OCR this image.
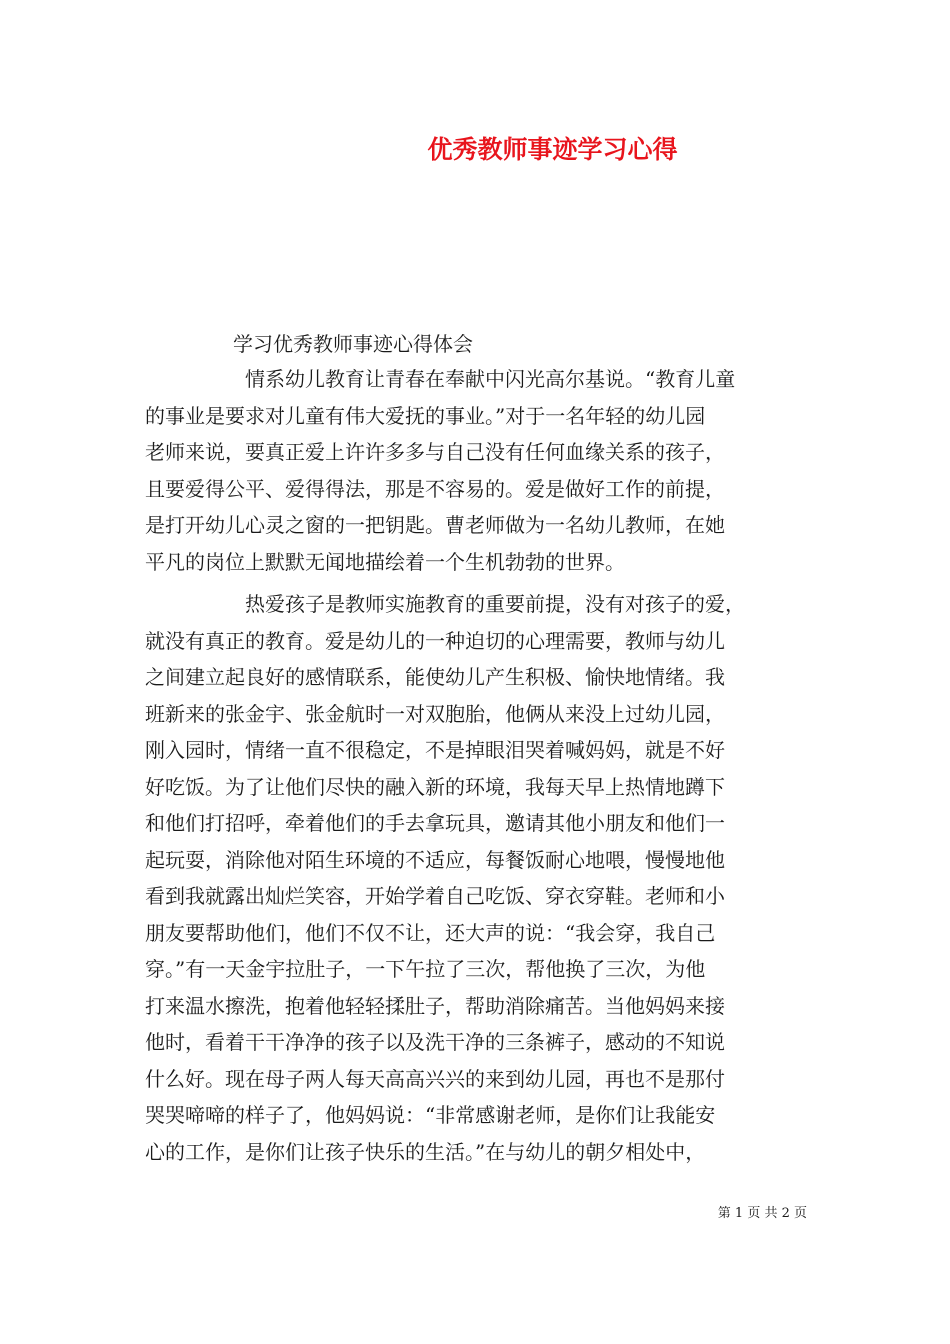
优秀教师事迹学习心得
学习优秀教师事迹心得体会
情系幼儿教育让青春在奉献中闪光高尔基说。“教育儿童
的事业是要求对儿童有伟大爱抚的事业。”对于一名年轻的幼儿园
老师来说，要真正爱上许许多多与自己没有任何血缘关系的孩子，
且要爱得公平、爱得得法，那是不容易的。爱是做好工作的前提，
是打开幼儿心灵之窗的一把钥匙。曹老师做为一名幼儿教师，在她
平凡的岗位上默默无闻地描绘着一个生机勃勃的世界。
热爱孩子是教师实施教育的重要前提，没有对孩子的爱，
就没有真正的教育。爱是幼儿的一种迫切的心理需要，教师与幼儿
之间建立起良好的感情联系，能使幼儿产生积极、愉快地情绪。我
班新来的张金宇、张金航时一对双胞胎，他俩从来没上过幼儿园，
刚入园时，情绪一直不很稳定，不是掉眼泪哭着喊妈妈，就是不好
好吃饭。为了让他们尽快的融入新的环境，我每天早上热情地蹲下
和他们打招呼，牵着他们的手去拿玩具，邀请其他小朋友和他们一
起玩耍，消除他对陌生环境的不适应，每餐饭耐心地喂，慢慢地他
看到我就露出灿烂笑容，开始学着自己吃饭、穿衣穿鞋。老师和小
朋友要帮助他们，他们不仅不让，还大声的说：“我会穿，我自己
穿。”有一天金宇拉肚子，一下午拉了三次，帮他换了三次，为他
打来温水擦洗，抱着他轻轻揉肚子，帮助消除痛苦。当他妈妈来接
他时，看着干干净净的孩子以及洗干净的三条裤子，感动的不知说
什么好。现在母子两人每天高高兴兴的来到幼儿园，再也不是那付
哭哭啼啼的样子了，他妈妈说：“非常感谢老师，是你们让我能安
心的工作，是你们让孩子快乐的生活。”在与幼儿的朝夕相处中，
第 1 页 共 2 页
